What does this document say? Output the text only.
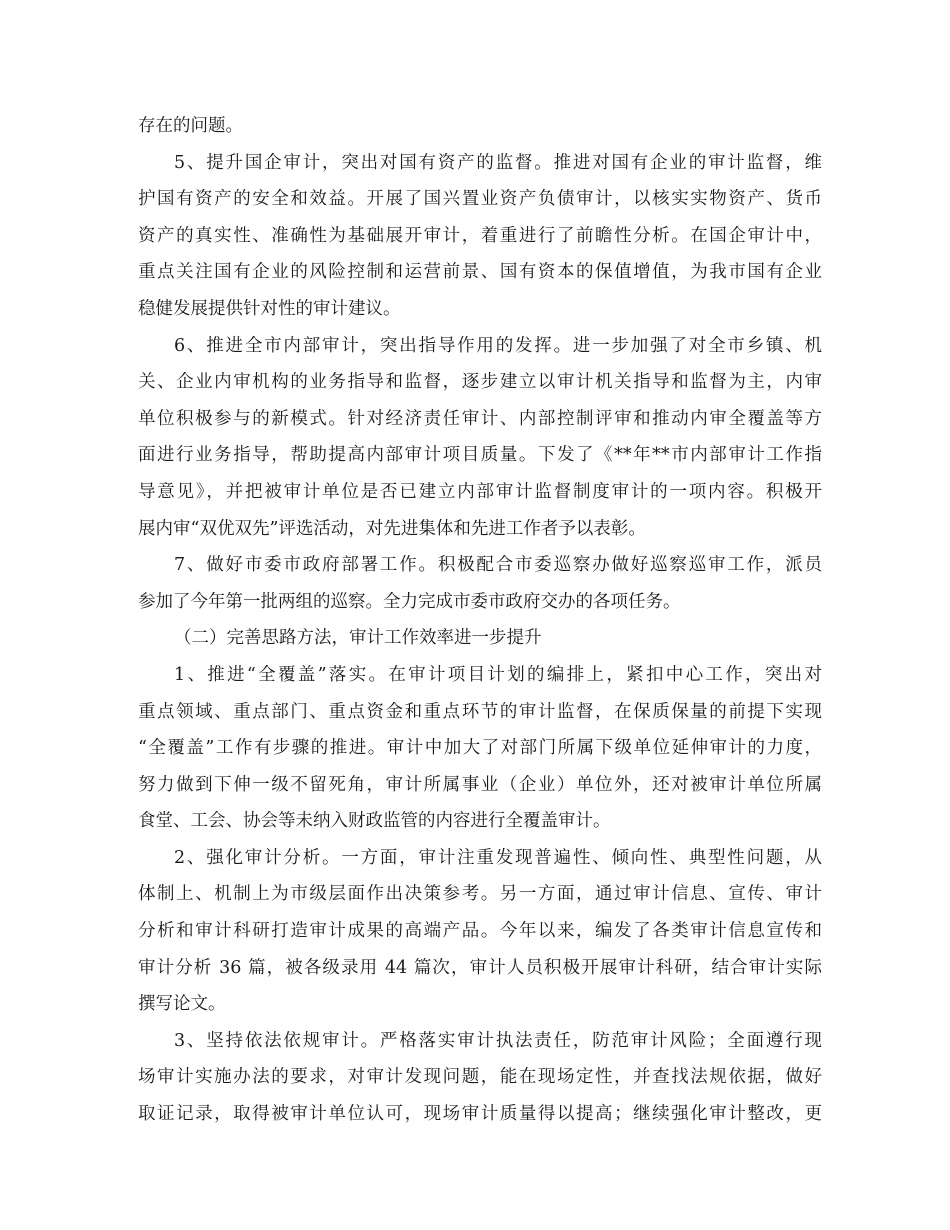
存在的问题。
5、提升国企审计，突出对国有资产的监督。推进对国有企业的审计监督，维
护国有资产的安全和效益。开展了国兴置业资产负债审计，以核实实物资产、货币
资产的真实性、准确性为基础展开审计，着重进行了前瞻性分析。在国企审计中，
重点关注国有企业的风险控制和运营前景、国有资本的保值增值，为我市国有企业
稳健发展提供针对性的审计建议。
6、推进全市内部审计，突出指导作用的发挥。进一步加强了对全市乡镇、机
关、企业内审机构的业务指导和监督，逐步建立以审计机关指导和监督为主，内审
单位积极参与的新模式。针对经济责任审计、内部控制评审和推动内审全覆盖等方
面进行业务指导，帮助提高内部审计项目质量。下发了《**年**市内部审计工作指
导意见》，并把被审计单位是否已建立内部审计监督制度审计的一项内容。积极开
展内审“双优双先”评选活动，对先进集体和先进工作者予以表彰。
7、做好市委市政府部署工作。积极配合市委巡察办做好巡察巡审工作，派员
参加了今年第一批两组的巡察。全力完成市委市政府交办的各项任务。
（二）完善思路方法，审计工作效率进一步提升
1、推进“全覆盖”落实。在审计项目计划的编排上，紧扣中心工作，突出对
重点领域、重点部门、重点资金和重点环节的审计监督，在保质保量的前提下实现
“全覆盖”工作有步骤的推进。审计中加大了对部门所属下级单位延伸审计的力度，
努力做到下伸一级不留死角，审计所属事业（企业）单位外，还对被审计单位所属
食堂、工会、协会等未纳入财政监管的内容进行全覆盖审计。
2、强化审计分析。一方面，审计注重发现普遍性、倾向性、典型性问题，从
体制上、机制上为市级层面作出决策参考。另一方面，通过审计信息、宣传、审计
分析和审计科研打造审计成果的高端产品。今年以来，编发了各类审计信息宣传和
审计分析 36 篇，被各级录用 44 篇次，审计人员积极开展审计科研，结合审计实际
撰写论文。
3、坚持依法依规审计。严格落实审计执法责任，防范审计风险；全面遵行现
场审计实施办法的要求，对审计发现问题，能在现场定性，并查找法规依据，做好
取证记录，取得被审计单位认可，现场审计质量得以提高；继续强化审计整改，更
